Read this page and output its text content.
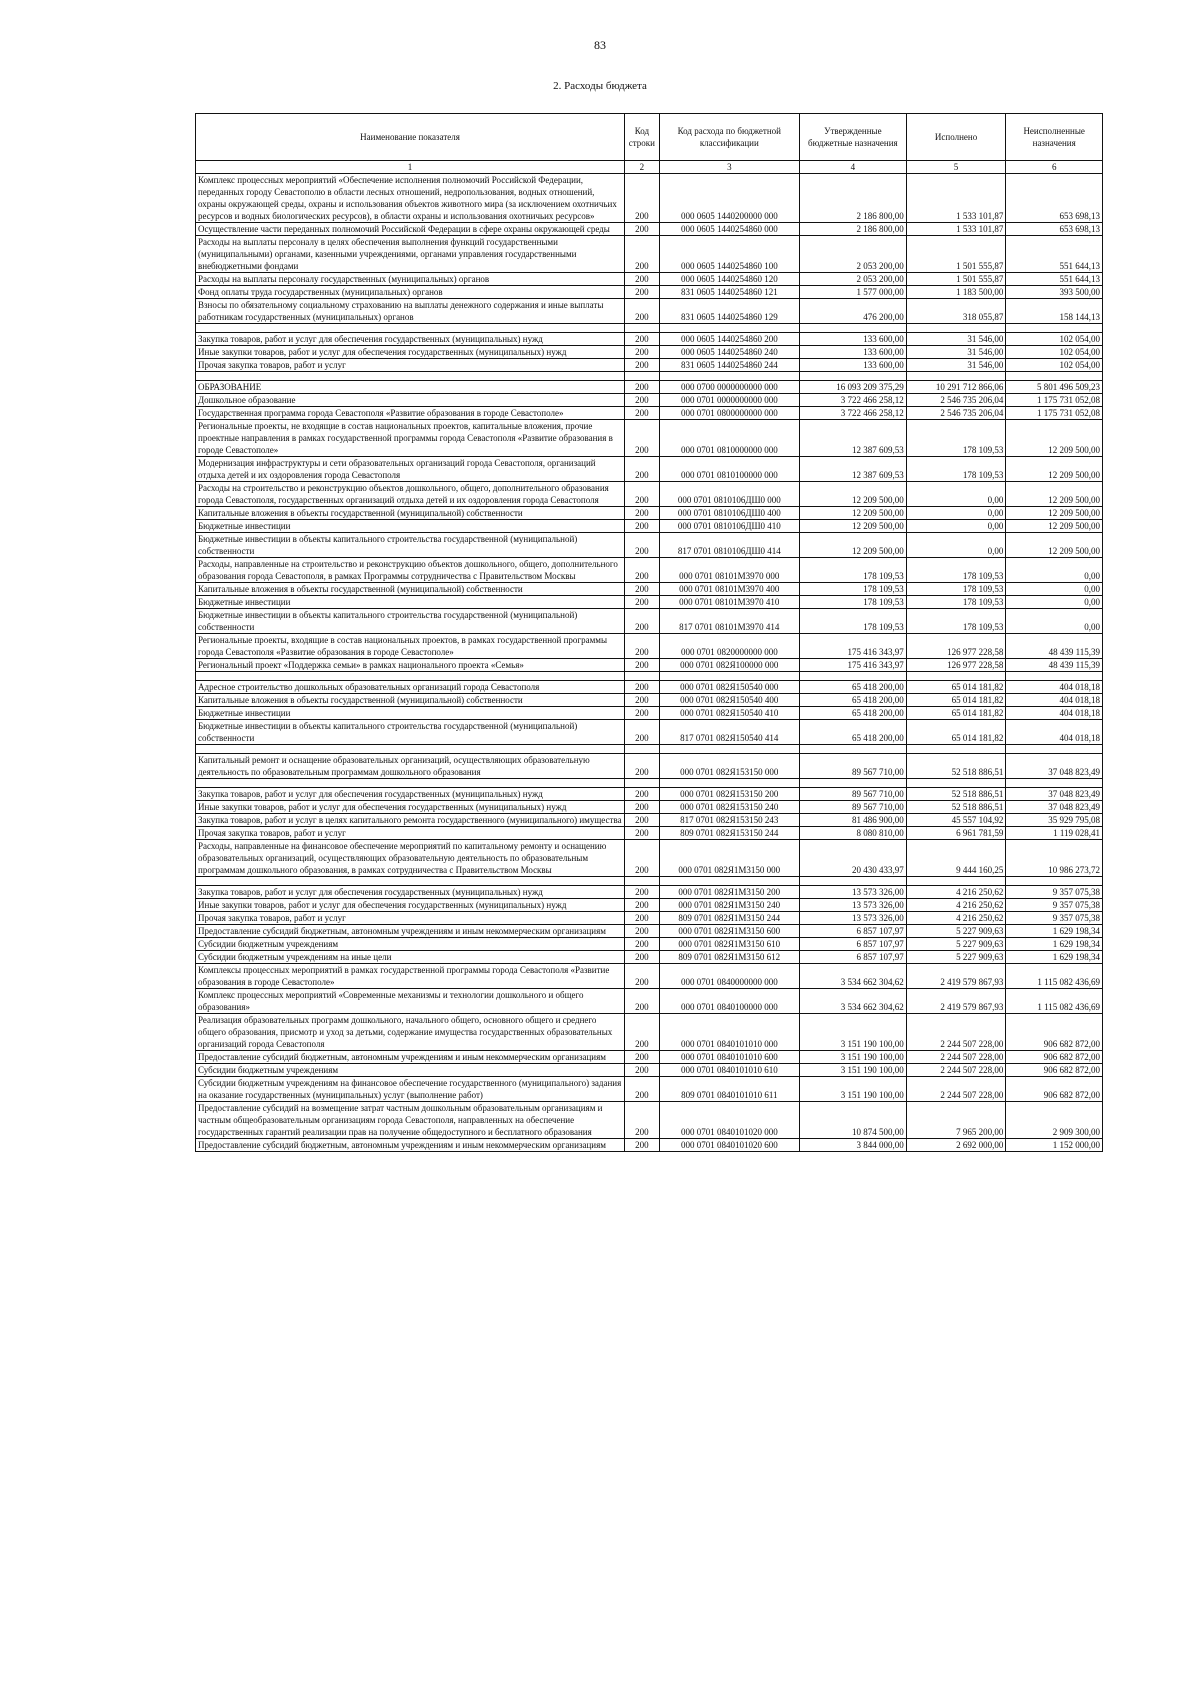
83
2. Расходы бюджета
Наименование показателя	Код строки	Код расхода по бюджетной классификации	Утвержденные бюджетные назначения	Исполнено	Неисполненные назначения
1	2	3	4	5	6
Комплекс процессных мероприятий «Обеспечение исполнения полномочий Российской Федерации, переданных городу Севастополю в области лесных отношений, недропользования, водных отношений, охраны окружающей среды, охраны и использования объектов животного мира (за исключением охотничьих ресурсов и водных биологических ресурсов), в области охраны и использования охотничьих ресурсов»	200	000 0605 1440200000 000	2 186 800,00	1 533 101,87	653 698,13
Осуществление части переданных полномочий Российской Федерации в сфере охраны окружающей среды	200	000 0605 1440254860 000	2 186 800,00	1 533 101,87	653 698,13
Расходы на выплаты персоналу в целях обеспечения выполнения функций государственными (муниципальными) органами, казенными учреждениями, органами управления государственными внебюджетными фондами	200	000 0605 1440254860 100	2 053 200,00	1 501 555,87	551 644,13
Расходы на выплаты персоналу государственных (муниципальных) органов	200	000 0605 1440254860 120	2 053 200,00	1 501 555,87	551 644,13
Фонд оплаты труда государственных (муниципальных) органов	200	831 0605 1440254860 121	1 577 000,00	1 183 500,00	393 500,00
Взносы по обязательному социальному страхованию на выплаты денежного содержания и иные выплаты работникам государственных (муниципальных) органов	200	831 0605 1440254860 129	476 200,00	318 055,87	158 144,13

Закупка товаров, работ и услуг для обеспечения государственных (муниципальных) нужд	200	000 0605 1440254860 200	133 600,00	31 546,00	102 054,00
Иные закупки товаров, работ и услуг для обеспечения государственных (муниципальных) нужд	200	000 0605 1440254860 240	133 600,00	31 546,00	102 054,00
Прочая закупка товаров, работ и услуг	200	831 0605 1440254860 244	133 600,00	31 546,00	102 054,00

ОБРАЗОВАНИЕ	200	000 0700 0000000000 000	16 093 209 375,29	10 291 712 866,06	5 801 496 509,23
Дошкольное образование	200	000 0701 0000000000 000	3 722 466 258,12	2 546 735 206,04	1 175 731 052,08
Государственная программа города Севастополя «Развитие образования в городе Севастополе»	200	000 0701 0800000000 000	3 722 466 258,12	2 546 735 206,04	1 175 731 052,08
Региональные проекты, не входящие в состав национальных проектов, капитальные вложения, прочие проектные направления в рамках государственной программы города Севастополя «Развитие образования в городе Севастополе»	200	000 0701 0810000000 000	12 387 609,53	178 109,53	12 209 500,00
Модернизация инфраструктуры и сети образовательных организаций города Севастополя, организаций отдыха детей и их оздоровления города Севастополя	200	000 0701 0810100000 000	12 387 609,53	178 109,53	12 209 500,00
Расходы на строительство и реконструкцию объектов дошкольного, общего, дополнительного образования города Севастополя, государственных организаций отдыха детей и их оздоровления города Севастополя	200	000 0701 0810106ДШ0 000	12 209 500,00	0,00	12 209 500,00
Капитальные вложения в объекты государственной (муниципальной) собственности	200	000 0701 0810106ДШ0 400	12 209 500,00	0,00	12 209 500,00
Бюджетные инвестиции	200	000 0701 0810106ДШ0 410	12 209 500,00	0,00	12 209 500,00
Бюджетные инвестиции в объекты капитального строительства государственной (муниципальной) собственности	200	817 0701 0810106ДШ0 414	12 209 500,00	0,00	12 209 500,00
Расходы, направленные на строительство и реконструкцию объектов дошкольного, общего, дополнительного образования города Севастополя, в рамках Программы сотрудничества с Правительством Москвы	200	000 0701 08101M3970 000	178 109,53	178 109,53	0,00
Капитальные вложения в объекты государственной (муниципальной) собственности	200	000 0701 08101M3970 400	178 109,53	178 109,53	0,00
Бюджетные инвестиции	200	000 0701 08101M3970 410	178 109,53	178 109,53	0,00
Бюджетные инвестиции в объекты капитального строительства государственной (муниципальной) собственности	200	817 0701 08101M3970 414	178 109,53	178 109,53	0,00
Региональные проекты, входящие в состав национальных проектов, в рамках государственной программы города Севастополя «Развитие образования в городе Севастополе»	200	000 0701 0820000000 000	175 416 343,97	126 977 228,58	48 439 115,39
Региональный проект «Поддержка семьи» в рамках национального проекта «Семья»	200	000 0701 082Я100000 000	175 416 343,97	126 977 228,58	48 439 115,39

Адресное строительство дошкольных образовательных организаций города Севастополя	200	000 0701 082Я150540 000	65 418 200,00	65 014 181,82	404 018,18
Капитальные вложения в объекты государственной (муниципальной) собственности	200	000 0701 082Я150540 400	65 418 200,00	65 014 181,82	404 018,18
Бюджетные инвестиции	200	000 0701 082Я150540 410	65 418 200,00	65 014 181,82	404 018,18
Бюджетные инвестиции в объекты капитального строительства государственной (муниципальной) собственности	200	817 0701 082Я150540 414	65 418 200,00	65 014 181,82	404 018,18

Капитальный ремонт и оснащение образовательных организаций, осуществляющих образовательную деятельность по образовательным программам дошкольного образования	200	000 0701 082Я153150 000	89 567 710,00	52 518 886,51	37 048 823,49

Закупка товаров, работ и услуг для обеспечения государственных (муниципальных) нужд	200	000 0701 082Я153150 200	89 567 710,00	52 518 886,51	37 048 823,49
Иные закупки товаров, работ и услуг для обеспечения государственных (муниципальных) нужд	200	000 0701 082Я153150 240	89 567 710,00	52 518 886,51	37 048 823,49
Закупка товаров, работ и услуг в целях капитального ремонта государственного (муниципального) имущества	200	817 0701 082Я153150 243	81 486 900,00	45 557 104,92	35 929 795,08
Прочая закупка товаров, работ и услуг	200	809 0701 082Я153150 244	8 080 810,00	6 961 781,59	1 119 028,41
Расходы, направленные на финансовое обеспечение мероприятий по капитальному ремонту и оснащению образовательных организаций, осуществляющих образовательную деятельность по образовательным программам дошкольного образования, в рамках сотрудничества с Правительством Москвы	200	000 0701 082Я1M3150 000	20 430 433,97	9 444 160,25	10 986 273,72

Закупка товаров, работ и услуг для обеспечения государственных (муниципальных) нужд	200	000 0701 082Я1M3150 200	13 573 326,00	4 216 250,62	9 357 075,38
Иные закупки товаров, работ и услуг для обеспечения государственных (муниципальных) нужд	200	000 0701 082Я1M3150 240	13 573 326,00	4 216 250,62	9 357 075,38
Прочая закупка товаров, работ и услуг	200	809 0701 082Я1M3150 244	13 573 326,00	4 216 250,62	9 357 075,38
Предоставление субсидий бюджетным, автономным учреждениям и иным некоммерческим организациям	200	000 0701 082Я1M3150 600	6 857 107,97	5 227 909,63	1 629 198,34
Субсидии бюджетным учреждениям	200	000 0701 082Я1M3150 610	6 857 107,97	5 227 909,63	1 629 198,34
Субсидии бюджетным учреждениям на иные цели	200	809 0701 082Я1M3150 612	6 857 107,97	5 227 909,63	1 629 198,34
Комплексы процессных мероприятий в рамках государственной программы города Севастополя «Развитие образования в городе Севастополе»	200	000 0701 0840000000 000	3 534 662 304,62	2 419 579 867,93	1 115 082 436,69
Комплекс процессных мероприятий «Современные механизмы и технологии дошкольного и общего образования»	200	000 0701 0840100000 000	3 534 662 304,62	2 419 579 867,93	1 115 082 436,69
Реализация образовательных программ дошкольного, начального общего, основного общего и среднего общего образования, присмотр и уход за детьми, содержание имущества государственных образовательных организаций города Севастополя	200	000 0701 0840101010 000	3 151 190 100,00	2 244 507 228,00	906 682 872,00
Предоставление субсидий бюджетным, автономным учреждениям и иным некоммерческим организациям	200	000 0701 0840101010 600	3 151 190 100,00	2 244 507 228,00	906 682 872,00
Субсидии бюджетным учреждениям	200	000 0701 0840101010 610	3 151 190 100,00	2 244 507 228,00	906 682 872,00
Субсидии бюджетным учреждениям на финансовое обеспечение государственного (муниципального) задания на оказание государственных (муниципальных) услуг (выполнение работ)	200	809 0701 0840101010 611	3 151 190 100,00	2 244 507 228,00	906 682 872,00
Предоставление субсидий на возмещение затрат частным дошкольным образовательным организациям и частным общеобразовательным организациям города Севастополя, направленных на обеспечение государственных гарантий реализации прав на получение общедоступного и бесплатного образования	200	000 0701 0840101020 000	10 874 500,00	7 965 200,00	2 909 300,00
Предоставление субсидий бюджетным, автономным учреждениям и иным некоммерческим организациям	200	000 0701 0840101020 600	3 844 000,00	2 692 000,00	1 152 000,00
